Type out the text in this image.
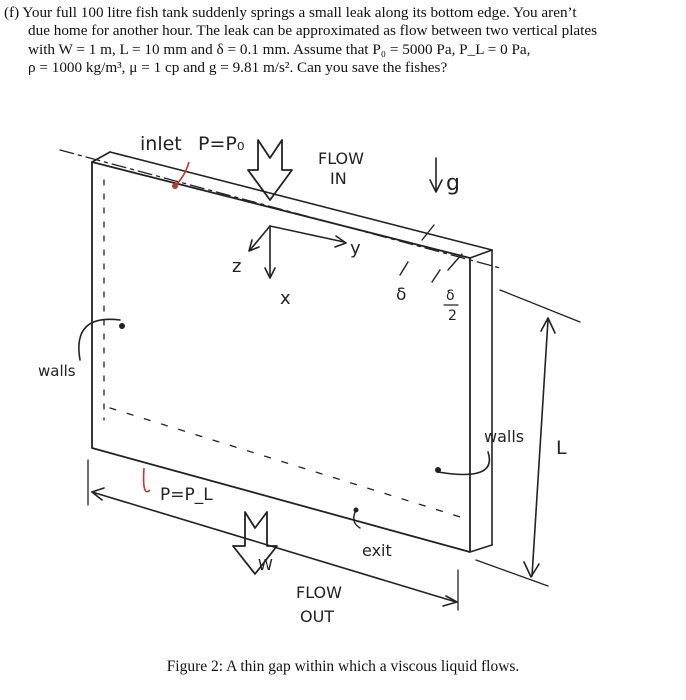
(f) Your full 100 litre fish tank suddenly springs a small leak along its bottom edge. You aren’t

due home for another hour. The leak can be approximated as flow between two vertical plates

with W = 1 m, L = 10 mm and δ = 0.1 mm. Assume that P₀ = 5000 Pa, P_L = 0 Pa,

ρ = 1000 kg/m³, μ = 1 cp and g = 9.81 m/s². Can you save the fishes?

inlet P=P₀
FLOW
IN	g
y
z
x	δ	δ
2
walls
walls
L
P=P_L
W
exit
FLOW
OUT
Figure 2: A thin gap within which a viscous liquid flows.
